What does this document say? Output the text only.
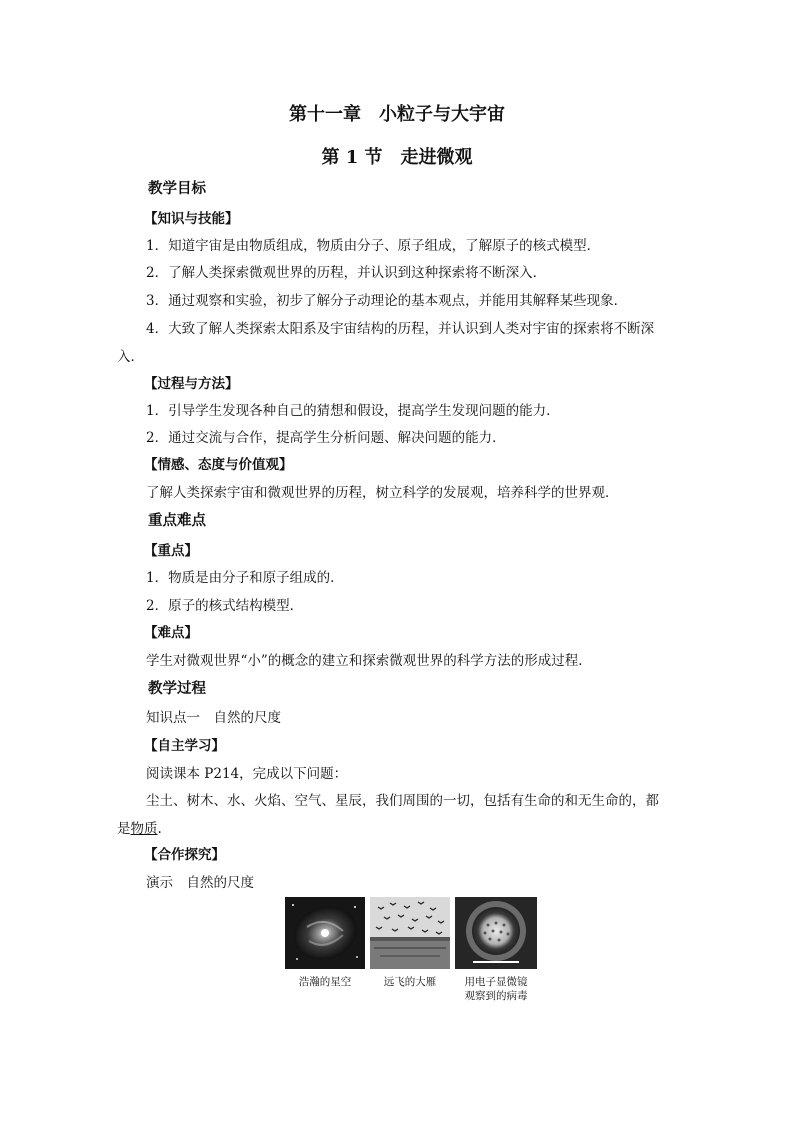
第十一章　小粒子与大宇宙
第 1 节　走进微观
教学目标
【知识与技能】
1．知道宇宙是由物质组成，物质由分子、原子组成，了解原子的核式模型．
2．了解人类探索微观世界的历程，并认识到这种探索将不断深入．
3．通过观察和实验，初步了解分子动理论的基本观点，并能用其解释某些现象．
4．大致了解人类探索太阳系及宇宙结构的历程，并认识到人类对宇宙的探索将不断深
入．
【过程与方法】
1．引导学生发现各种自己的猜想和假设，提高学生发现问题的能力．
2．通过交流与合作，提高学生分析问题、解决问题的能力．
【情感、态度与价值观】
了解人类探索宇宙和微观世界的历程，树立科学的发展观，培养科学的世界观．
重点难点
【重点】
1．物质是由分子和原子组成的．
2．原子的核式结构模型．
【难点】
学生对微观世界“小”的概念的建立和探索微观世界的科学方法的形成过程．
教学过程
知识点一　自然的尺度
【自主学习】
阅读课本 P214，完成以下问题：
尘土、树木、水、火焰、空气、星辰，我们周围的一切，包括有生命的和无生命的，都
是物质.
【合作探究】
演示　自然的尺度
浩瀚的星空	远飞的大雁	用电子显微镜
观察到的病毒
